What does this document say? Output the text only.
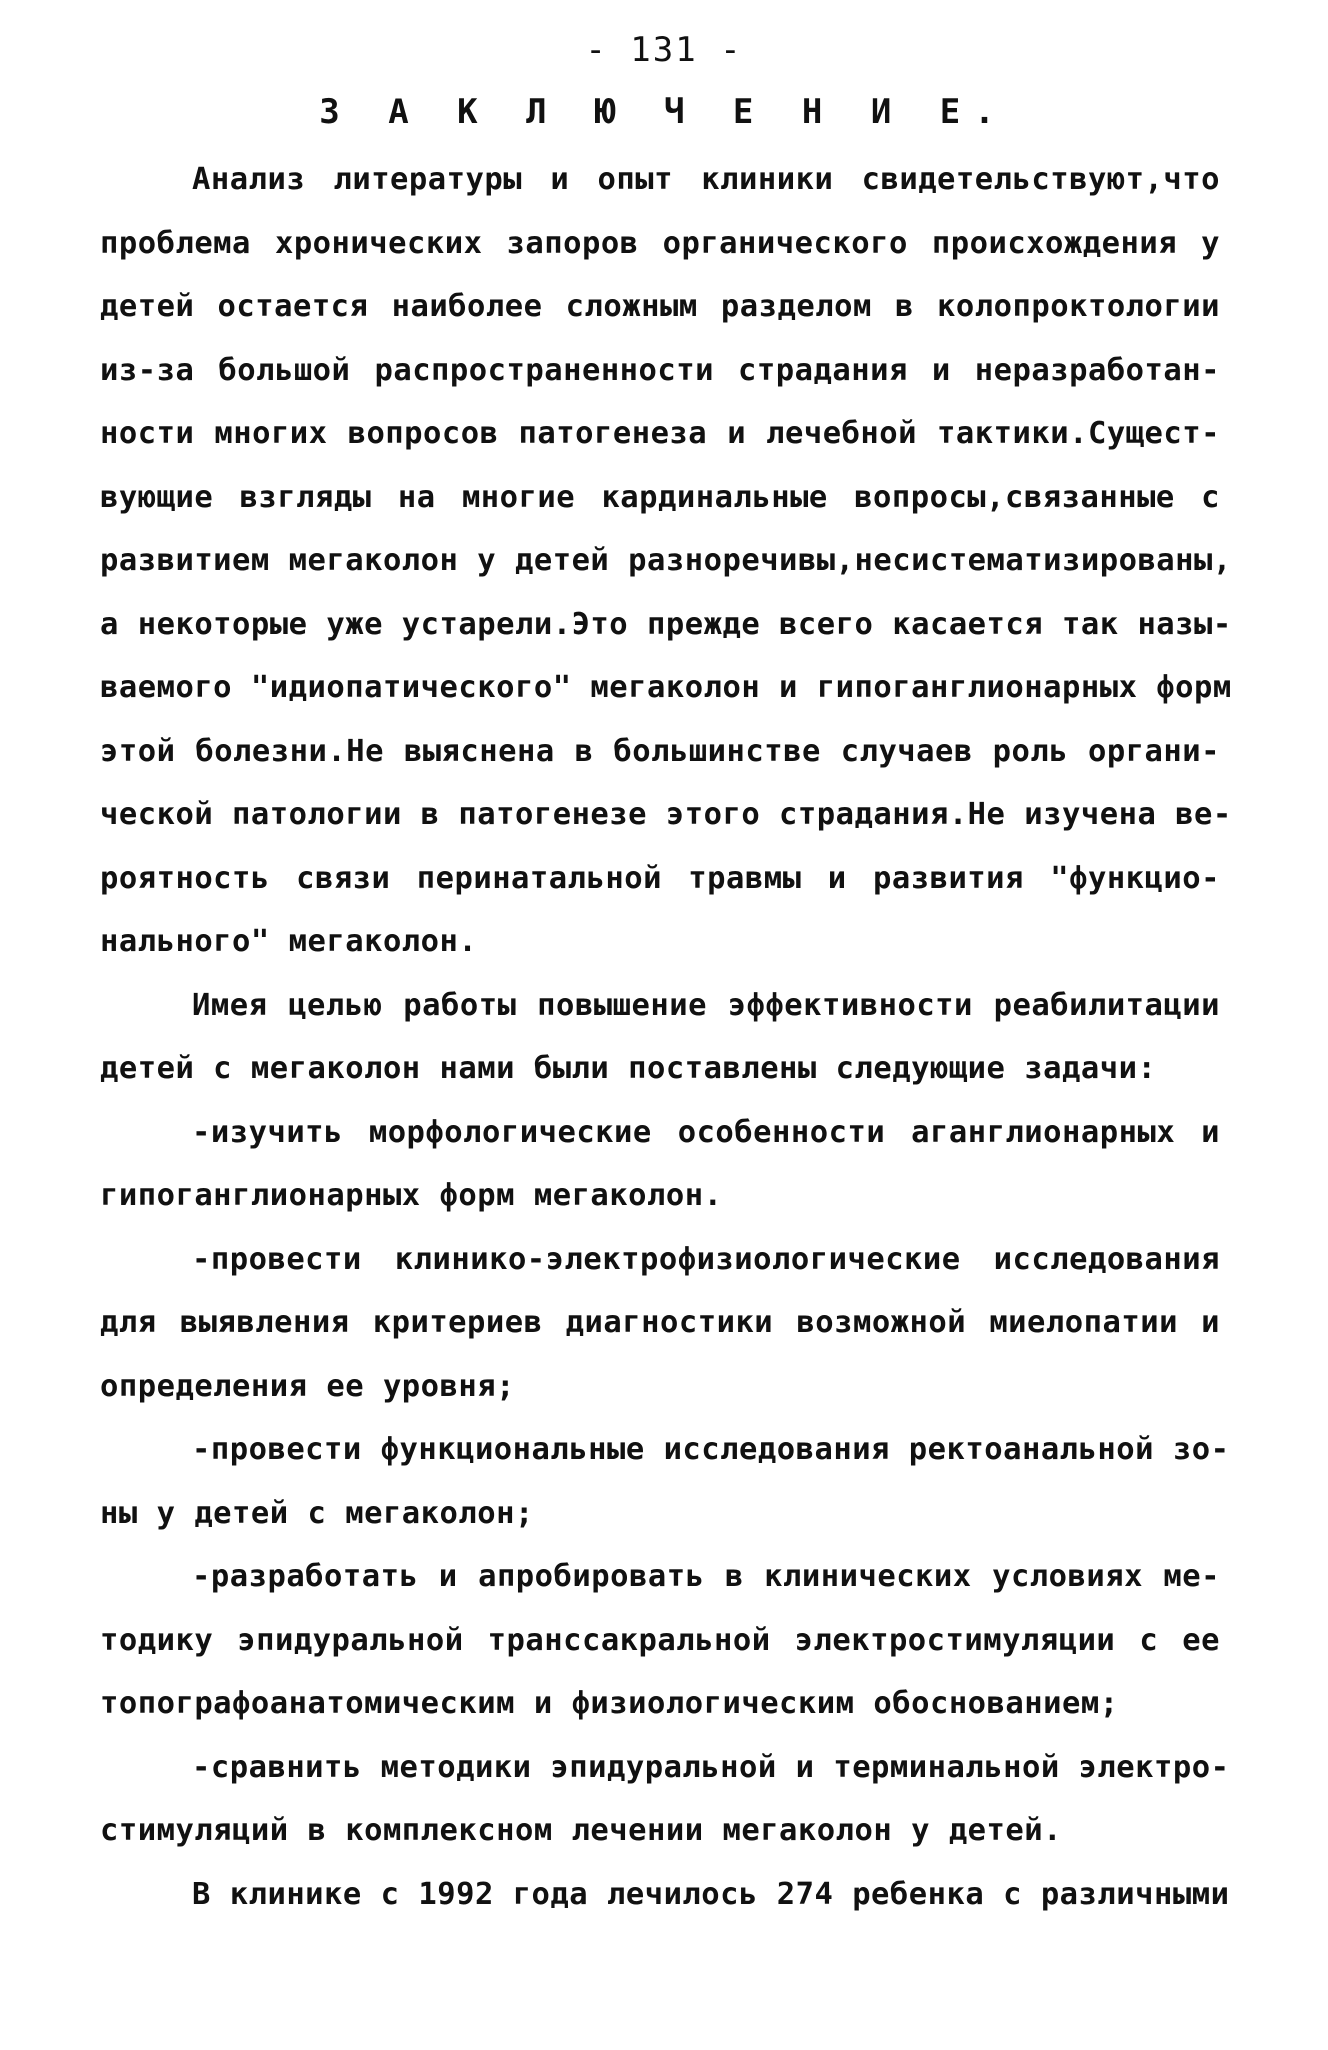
- 131 -
З А К Л Ю Ч Е Н И Е.
Анализ литературы и опыт клиники свидетельствуют,что
проблема хронических запоров органического происхождения у
детей остается наиболее сложным разделом в колопроктологии
из-за большой распространенности страдания и неразработан-
ности многих вопросов патогенеза и лечебной тактики.Сущест-
вующие взгляды на многие кардинальные вопросы,связанные с
развитием мегаколон у детей разноречивы,несистематизированы,
а некоторые уже устарели.Это прежде всего касается так назы-
ваемого "идиопатического" мегаколон и гипоганглионарных форм
этой болезни.Не выяснена в большинстве случаев роль органи-
ческой патологии в патогенезе этого страдания.Не изучена ве-
роятность связи перинатальной травмы и развития "функцио-
нального" мегаколон.
Имея целью работы повышение эффективности реабилитации
детей с мегаколон нами были поставлены следующие задачи:
-изучить морфологические особенности аганглионарных и
гипоганглионарных форм мегаколон.
-провести клинико-электрофизиологические исследования
для выявления критериев диагностики возможной миелопатии и
определения ее уровня;
-провести функциональные исследования ректоанальной зо-
ны у детей с мегаколон;
-разработать и апробировать в клинических условиях ме-
тодику эпидуральной транссакральной электростимуляции с ее
топографоанатомическим и физиологическим обоснованием;
-сравнить методики эпидуральной и терминальной электро-
стимуляций в комплексном лечении мегаколон у детей.
В клинике с 1992 года лечилось 274 ребенка с различными
